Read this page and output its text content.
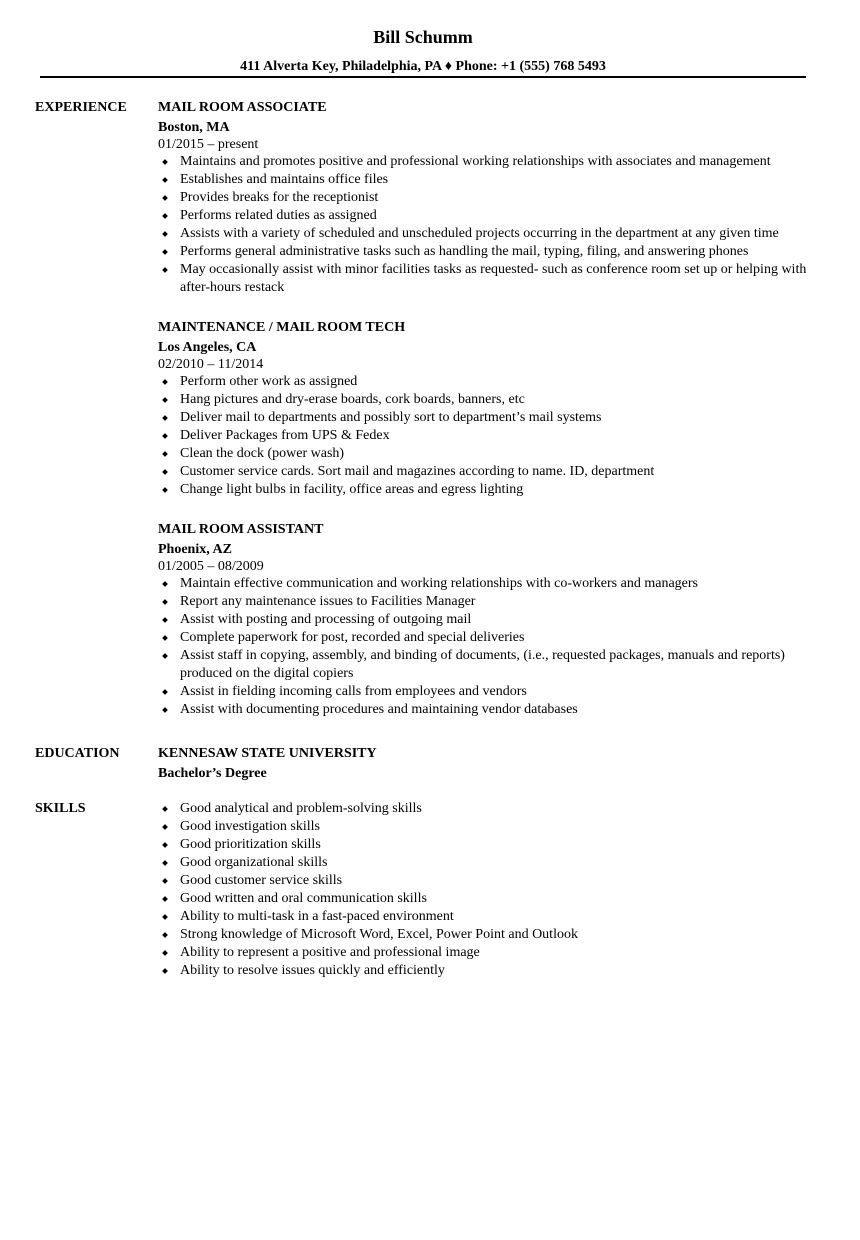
Bill Schumm
411 Alverta Key, Philadelphia, PA ♦ Phone: +1 (555) 768 5493
EXPERIENCE MAIL ROOM ASSOCIATE
Boston, MA
01/2015 – present
Maintains and promotes positive and professional working relationships with associates and management
Establishes and maintains office files
Provides breaks for the receptionist
Performs related duties as assigned
Assists with a variety of scheduled and unscheduled projects occurring in the department at any given time
Performs general administrative tasks such as handling the mail, typing, filing, and answering phones
May occasionally assist with minor facilities tasks as requested- such as conference room set up or helping with after-hours restack
MAINTENANCE / MAIL ROOM TECH
Los Angeles, CA
02/2010 – 11/2014
Perform other work as assigned
Hang pictures and dry-erase boards, cork boards, banners, etc
Deliver mail to departments and possibly sort to department’s mail systems
Deliver Packages from UPS & Fedex
Clean the dock (power wash)
Customer service cards. Sort mail and magazines according to name. ID, department
Change light bulbs in facility, office areas and egress lighting
MAIL ROOM ASSISTANT
Phoenix, AZ
01/2005 – 08/2009
Maintain effective communication and working relationships with co-workers and managers
Report any maintenance issues to Facilities Manager
Assist with posting and processing of outgoing mail
Complete paperwork for post, recorded and special deliveries
Assist staff in copying, assembly, and binding of documents, (i.e., requested packages, manuals and reports) produced on the digital copiers
Assist in fielding incoming calls from employees and vendors
Assist with documenting procedures and maintaining vendor databases
EDUCATION	KENNESAW STATE UNIVERSITY
Bachelor’s Degree
SKILLS	Good analytical and problem-solving skills
Good investigation skills
Good prioritization skills
Good organizational skills
Good customer service skills
Good written and oral communication skills
Ability to multi-task in a fast-paced environment
Strong knowledge of Microsoft Word, Excel, Power Point and Outlook
Ability to represent a positive and professional image
Ability to resolve issues quickly and efficiently
